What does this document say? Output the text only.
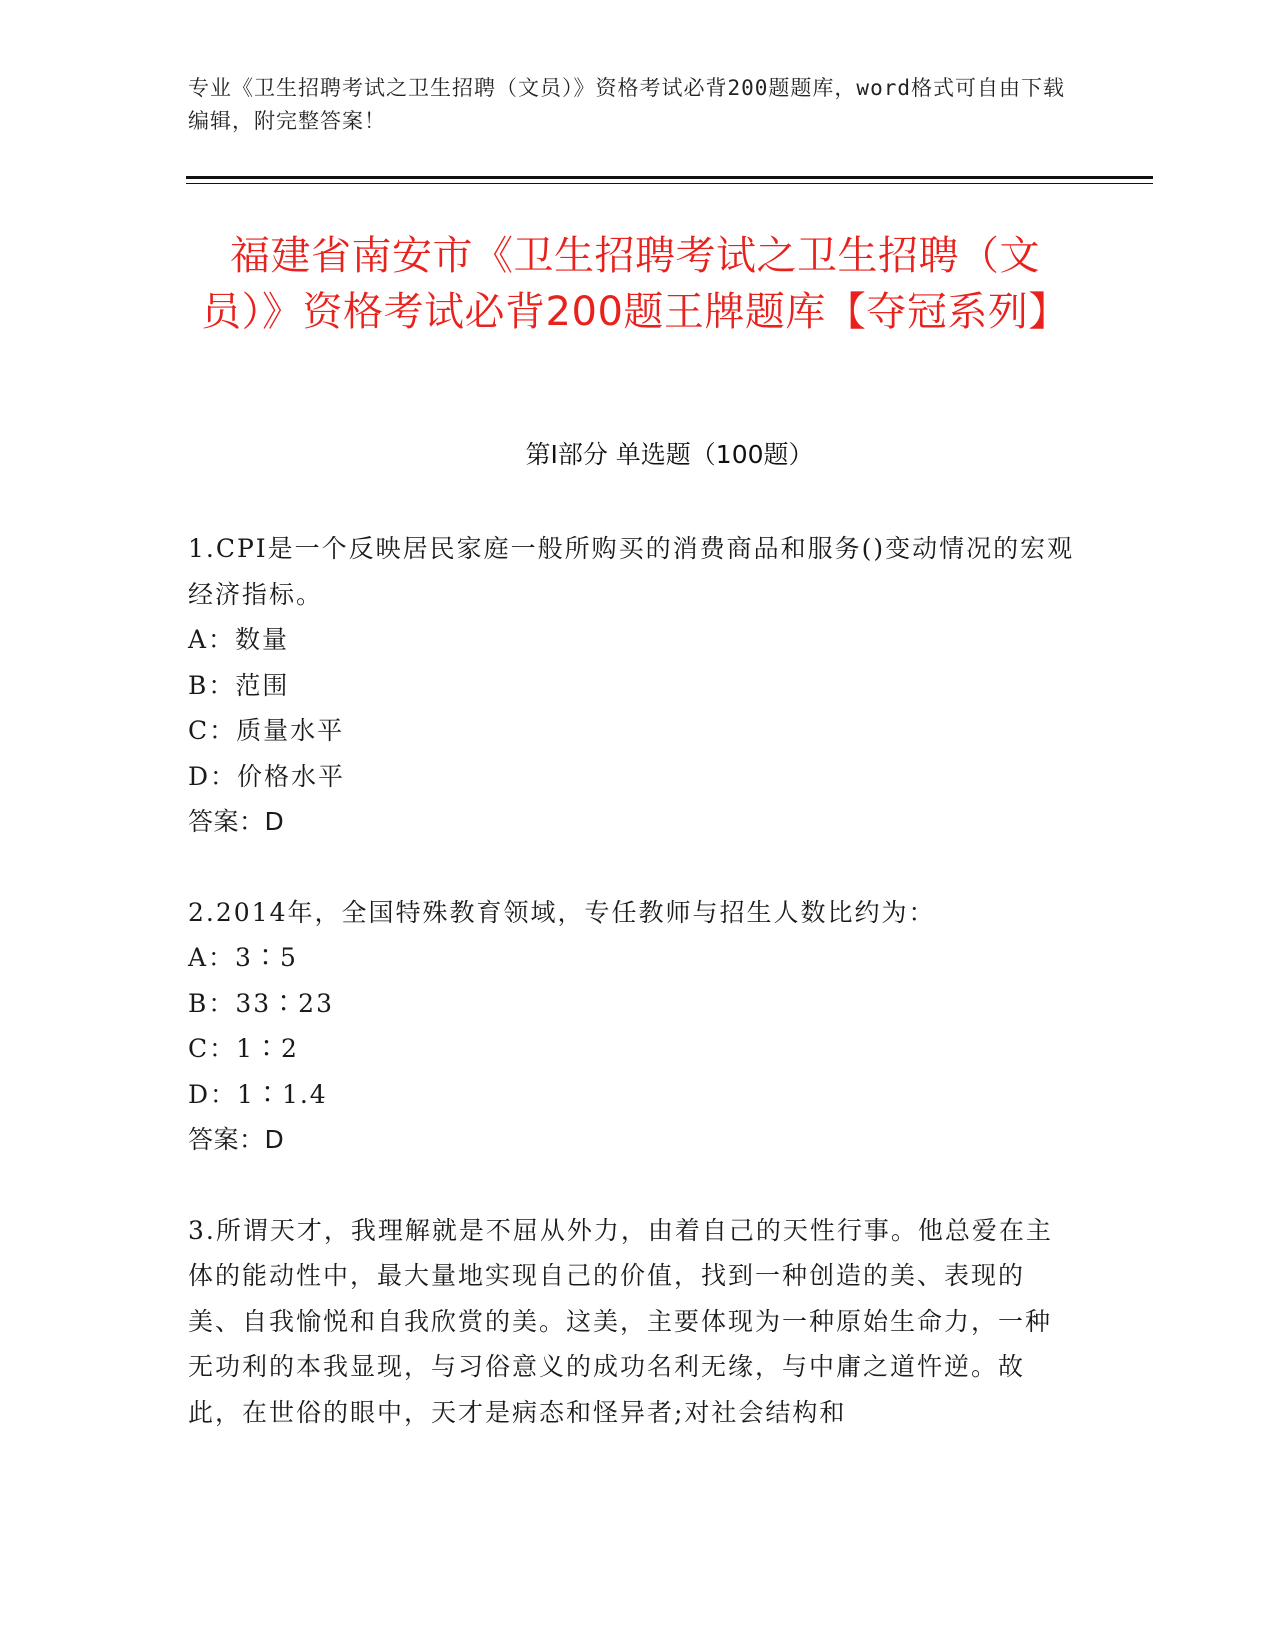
专业《卫生招聘考试之卫生招聘（文员）》资格考试必背200题题库，word格式可自由下载编辑，附完整答案！
福建省南安市《卫生招聘考试之卫生招聘（文员）》资格考试必背200题王牌题库【夺冠系列】
第I部分 单选题（100题）

1.CPI是一个反映居民家庭一般所购买的消费商品和服务()变动情况的宏观经济指标。

A：数量

B：范围

C：质量水平

D：价格水平

答案：D

2.2014年，全国特殊教育领域，专任教师与招生人数比约为：

A：3∶5

B：33∶23

C：1∶2

D：1∶1.4

答案：D

3.所谓天才，我理解就是不屈从外力，由着自己的天性行事。他总爱在主体的能动性中，最大量地实现自己的价值，找到一种创造的美、表现的美、自我愉悦和自我欣赏的美。这美，主要体现为一种原始生命力，一种无功利的本我显现，与习俗意义的成功名利无缘，与中庸之道忤逆。故此，在世俗的眼中，天才是病态和怪异者;对社会结构和
